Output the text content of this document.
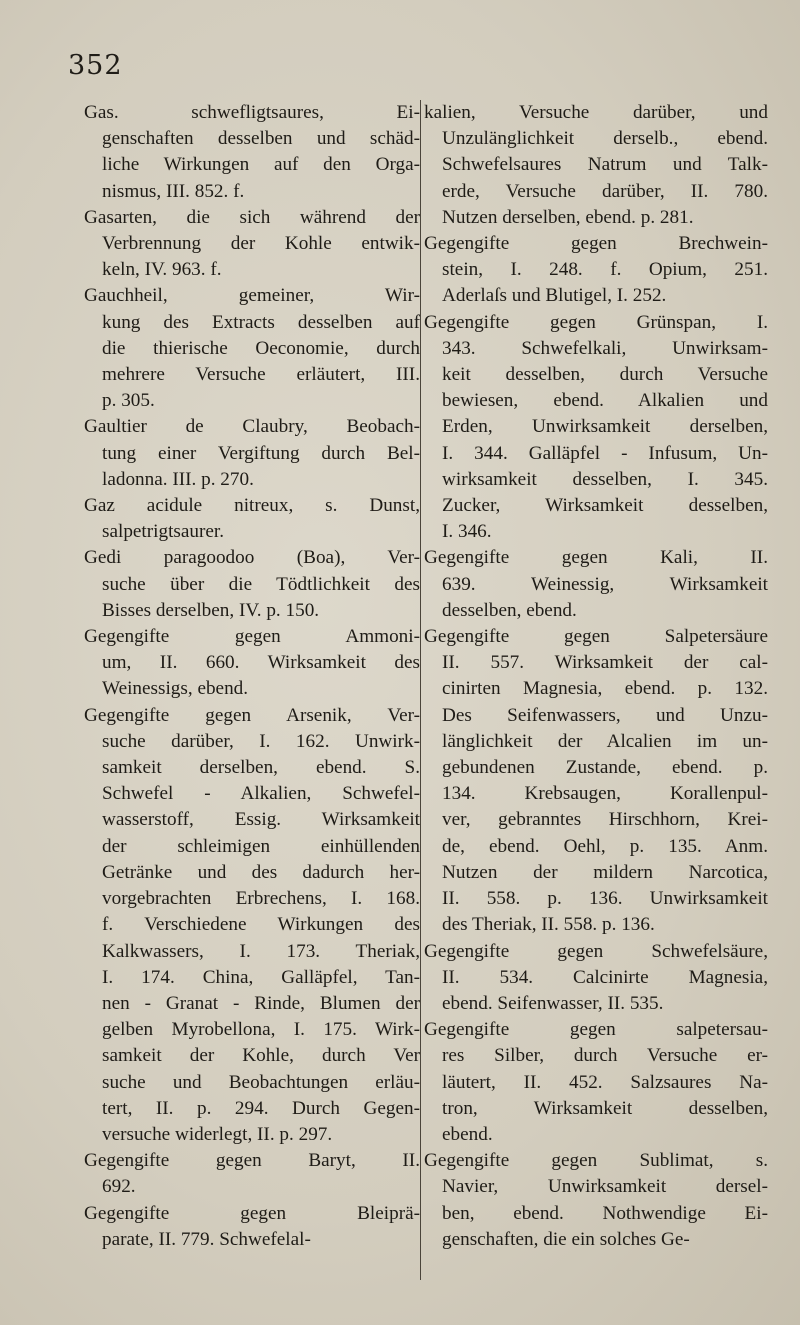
352
Gas. schwefligtsaures, Ei-
genschaften desselben und schäd-
liche Wirkungen auf den Orga-
nismus, III. 852. f.
Gasarten, die sich während der
Verbrennung der Kohle entwik-
keln, IV. 963. f.
Gauchheil, gemeiner, Wir-
kung des Extracts desselben auf
die thierische Oeconomie, durch
mehrere Versuche erläutert, III.
p. 305.
Gaultier de Claubry, Beobach-
tung einer Vergiftung durch Bel-
ladonna. III. p. 270.
Gaz acidule nitreux, s. Dunst,
salpetrigtsaurer.
Gedi paragoodoo (Boa), Ver-
suche über die Tödtlichkeit des
Bisses derselben, IV. p. 150.
Gegengifte gegen Ammoni-
um, II. 660. Wirksamkeit des
Weinessigs, ebend.
Gegengifte gegen Arsenik, Ver-
suche darüber, I. 162. Unwirk-
samkeit derselben, ebend. S.
Schwefel - Alkalien, Schwefel-
wasserstoff, Essig. Wirksamkeit
der schleimigen einhüllenden
Getränke und des dadurch her-
vorgebrachten Erbrechens, I. 168.
f. Verschiedene Wirkungen des
Kalkwassers, I. 173. Theriak,
I. 174. China, Galläpfel, Tan-
nen - Granat - Rinde, Blumen der
gelben Myrobellona, I. 175. Wirk-
samkeit der Kohle, durch Ver
suche und Beobachtungen erläu-
tert, II. p. 294. Durch Gegen-
versuche widerlegt, II. p. 297.
Gegengifte gegen Baryt, II.
692.
Gegengifte gegen Bleiprä-
parate, II. 779. Schwefelal-
kalien, Versuche darüber, und
Unzulänglichkeit derselb., ebend.
Schwefelsaures Natrum und Talk-
erde, Versuche darüber, II. 780.
Nutzen derselben, ebend. p. 281.
Gegengifte gegen Brechwein-
stein, I. 248. f. Opium, 251.
Aderlaſs und Blutigel, I. 252.
Gegengifte gegen Grünspan, I.
343. Schwefelkali, Unwirksam-
keit desselben, durch Versuche
bewiesen, ebend. Alkalien und
Erden, Unwirksamkeit derselben,
I. 344. Galläpfel - Infusum, Un-
wirksamkeit desselben, I. 345.
Zucker, Wirksamkeit desselben,
I. 346.
Gegengifte gegen Kali, II.
639. Weinessig, Wirksamkeit
desselben, ebend.
Gegengifte gegen Salpetersäure
II. 557. Wirksamkeit der cal-
cinirten Magnesia, ebend. p. 132.
Des Seifenwassers, und Unzu-
länglichkeit der Alcalien im un-
gebundenen Zustande, ebend. p.
134. Krebsaugen, Korallenpul-
ver, gebranntes Hirschhorn, Krei-
de, ebend. Oehl, p. 135. Anm.
Nutzen der mildern Narcotica,
II. 558. p. 136. Unwirksamkeit
des Theriak, II. 558. p. 136.
Gegengifte gegen Schwefelsäure,
II. 534. Calcinirte Magnesia,
ebend. Seifenwasser, II. 535.
Gegengifte gegen salpetersau-
res Silber, durch Versuche er-
läutert, II. 452. Salzsaures Na-
tron, Wirksamkeit desselben,
ebend.
Gegengifte gegen Sublimat, s.
Navier, Unwirksamkeit dersel-
ben, ebend. Nothwendige Ei-
genschaften, die ein solches Ge-
